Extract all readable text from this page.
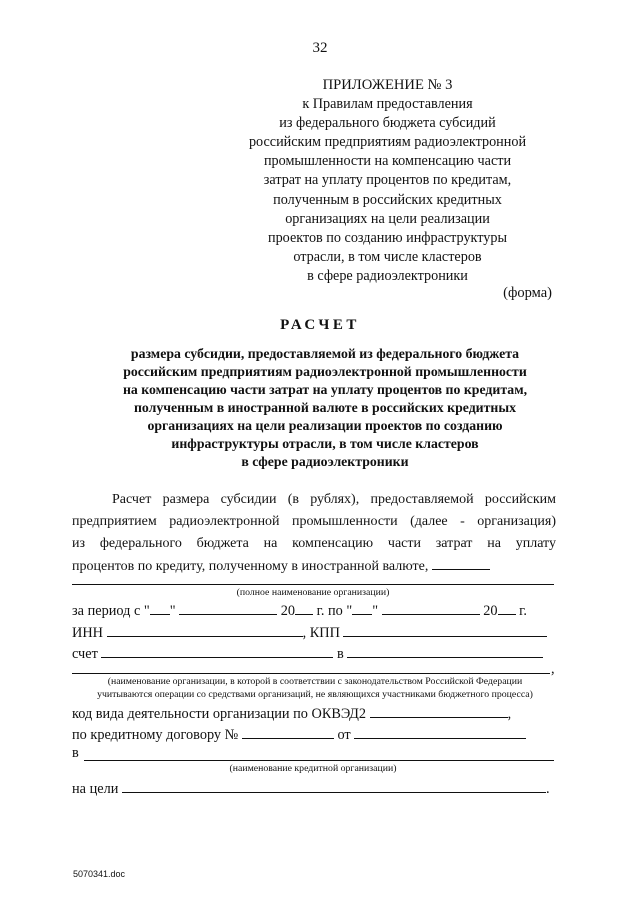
32
ПРИЛОЖЕНИЕ № 3
к Правилам предоставления
из федерального бюджета субсидий
российским предприятиям радиоэлектронной
промышленности на компенсацию части
затрат на уплату процентов по кредитам,
полученным в российских кредитных
организациях на цели реализации
проектов по созданию инфраструктуры
отрасли, в том числе кластеров
в сфере радиоэлектроники
(форма)
РАСЧЕТ
размера субсидии, предоставляемой из федерального бюджета
российским предприятиям радиоэлектронной промышленности
на компенсацию части затрат на уплату процентов по кредитам,
полученным в иностранной валюте в российских кредитных
организациях на цели реализации проектов по созданию
инфраструктуры отрасли, в том числе кластеров
в сфере радиоэлектроники
Расчет размера субсидии (в рублях), предоставляемой российским
предприятием радиоэлектронной промышленности (далее - организация)
из федерального бюджета на компенсацию части затрат на уплату
процентов по кредиту, полученному в иностранной валюте,
(полное наименование организации)
за период с " "	20 г. по " "	20 г.
ИНН	, КПП
счет	в
,
(наименование организации, в которой в соответствии с законодательством Российской Федерации
учитываются операции со средствами организаций, не являющихся участниками бюджетного процесса)
код вида деятельности организации по ОКВЭД2	,
по кредитному договору №	от
в
(наименование кредитной организации)
на цели	.
5070341.doc
